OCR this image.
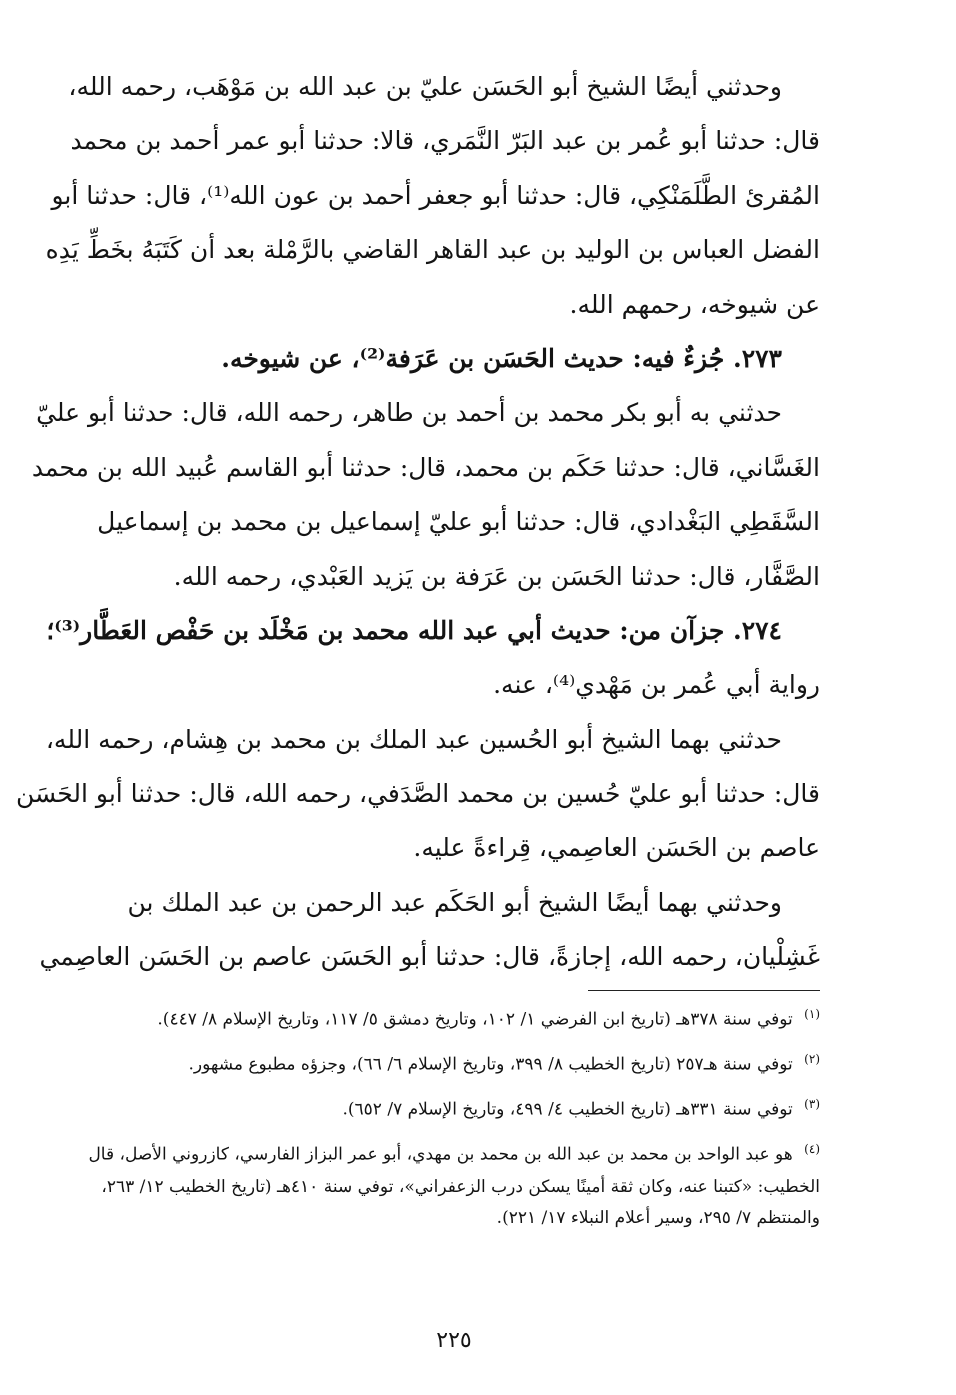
وحدثني أيضًا الشيخ أبو الحَسَن عليّ بن عبد الله بن مَوْهَب، رحمه الله،
قال: حدثنا أبو عُمر بن عبد البَرّ النَّمَري، قالا: حدثنا أبو عمر أحمد بن محمد
المُقرئ الطَّلَمَنْكِي، قال: حدثنا أبو جعفر أحمد بن عون الله⁽¹⁾، قال: حدثنا أبو
الفضل العباس بن الوليد بن عبد القاهر القاضي بالرَّمْلة بعد أن كَتَبَهُ بخَطِّ يَدِه
عن شيوخه، رحمهم الله.
٢٧٣. جُزءٌ فيه: حديث الحَسَن بن عَرَفة⁽²⁾، عن شيوخه.
حدثني به أبو بكر محمد بن أحمد بن طاهر، رحمه الله، قال: حدثنا أبو عليّ
الغَسَّاني، قال: حدثنا حَكَم بن محمد، قال: حدثنا أبو القاسم عُبيد الله بن محمد
السَّقَطِي البَغْدادي، قال: حدثنا أبو عليّ إسماعيل بن محمد بن إسماعيل
الصَّفَّار، قال: حدثنا الحَسَن بن عَرَفة بن يَزيد العَبْدي، رحمه الله.
٢٧٤. جزآن من: حديث أبي عبد الله محمد بن مَخْلَد بن حَفْص العَطَّار⁽³⁾؛
رواية أبي عُمر بن مَهْدي⁽⁴⁾، عنه.
حدثني بهما الشيخ أبو الحُسين عبد الملك بن محمد بن هِشام، رحمه الله،
قال: حدثنا أبو عليّ حُسين بن محمد الصَّدَفي، رحمه الله، قال: حدثنا أبو الحَسَن
عاصم بن الحَسَن العاصِمي، قِراءةً عليه.
وحدثني بهما أيضًا الشيخ أبو الحَكَم عبد الرحمن بن عبد الملك بن
غَشِلْيان، رحمه الله، إجازةً، قال: حدثنا أبو الحَسَن عاصم بن الحَسَن العاصِمي

$^{(١)}$ توفي سنة ٣٧٨هـ (تاريخ ابن الفرضي ١/ ١٠٢، وتاريخ دمشق ٥/ ١١٧، وتاريخ الإسلام ٨/ ٤٤٧).

$^{(٢)}$ توفي سنة هـ٢٥٧ (تاريخ الخطيب ٨/ ٣٩٩، وتاريخ الإسلام ٦/ ٦٦)، وجزؤه مطبوع مشهور.

$^{(٣)}$ توفي سنة ٣٣١هـ (تاريخ الخطيب ٤/ ٤٩٩، وتاريخ الإسلام ٧/ ٦٥٢).

$^{(٤)}$ هو عبد الواحد بن محمد بن عبد الله بن محمد بن مهدي، أبو عمر البزاز الفارسي، كازروني الأصل، قال الخطيب: «كتبنا عنه، وكان ثقة أمينًا يسكن درب الزعفراني»، توفي سنة ٤١٠هـ (تاريخ الخطيب ١٢/ ٢٦٣، والمنتظم ٧/ ٢٩٥، وسير أعلام النبلاء ١٧/ ٢٢١).

٢٢٥
